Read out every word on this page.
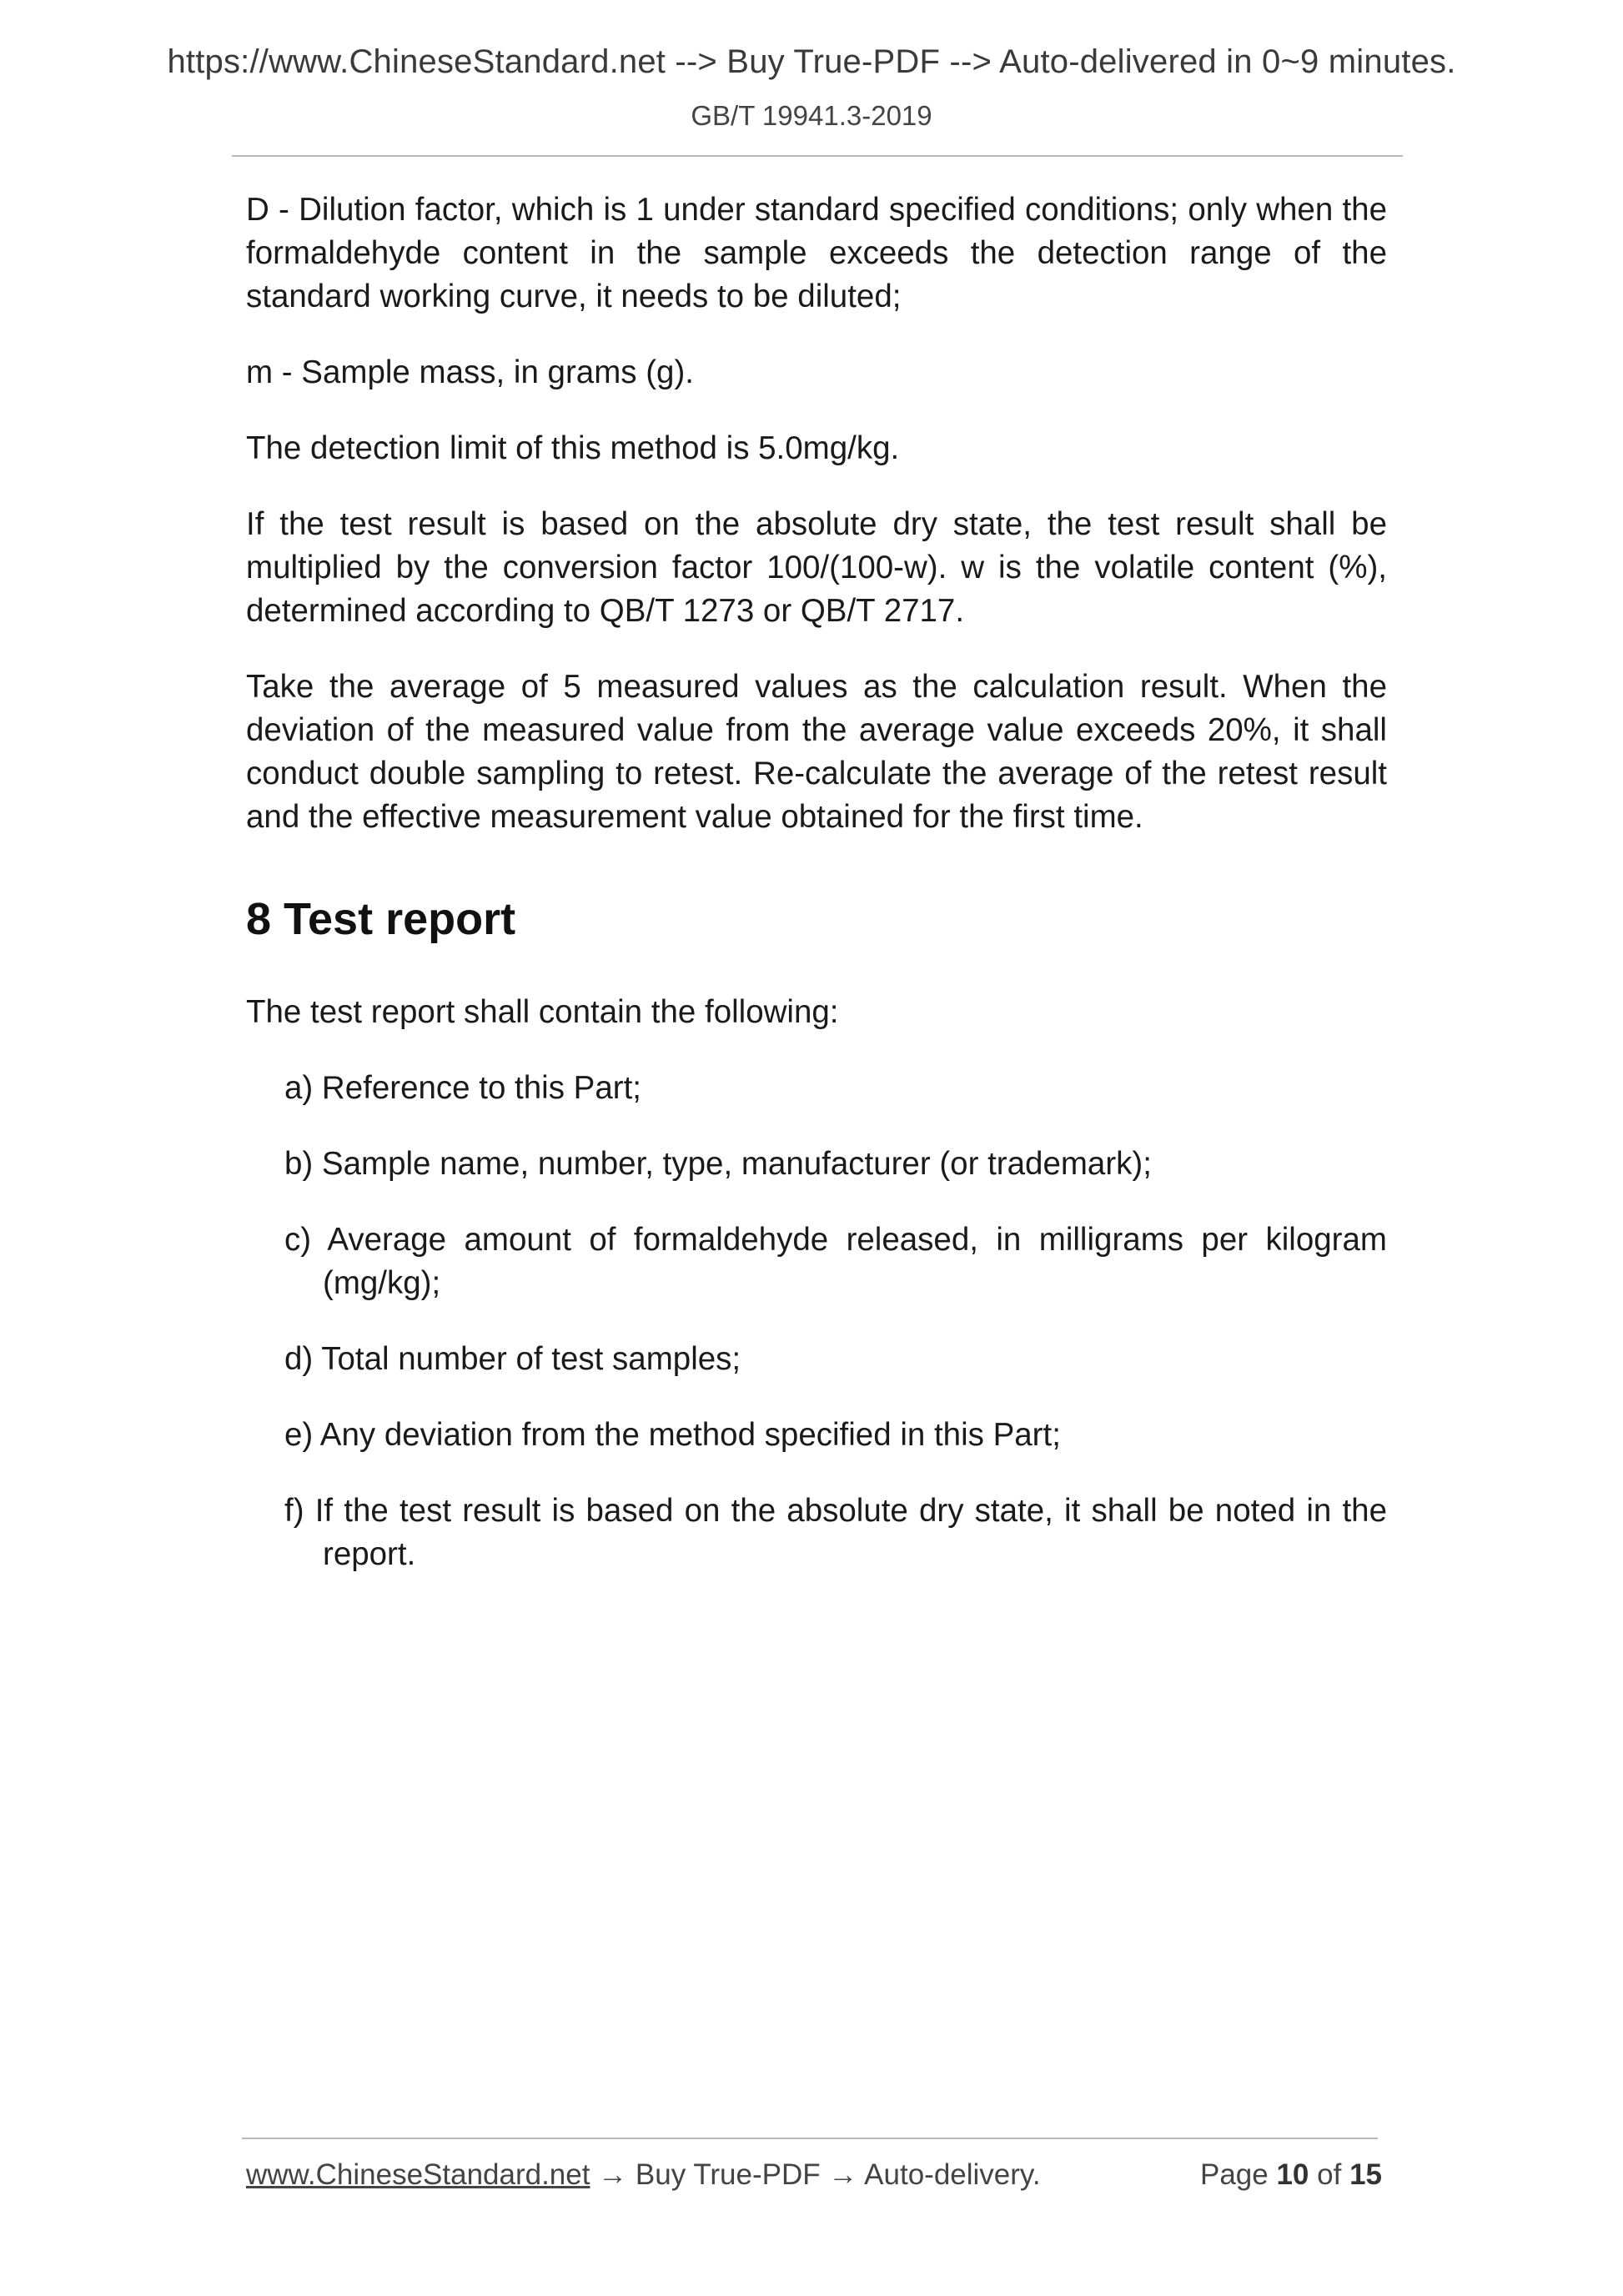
https://www.ChineseStandard.net --> Buy True-PDF --> Auto-delivered in 0~9 minutes.
GB/T 19941.3-2019

D - Dilution factor, which is 1 under standard specified conditions; only when the formaldehyde content in the sample exceeds the detection range of the standard working curve, it needs to be diluted;

m - Sample mass, in grams (g).

The detection limit of this method is 5.0mg/kg.

If the test result is based on the absolute dry state, the test result shall be multiplied by the conversion factor 100/(100-w). w is the volatile content (%), determined according to QB/T 1273 or QB/T 2717.

Take the average of 5 measured values as the calculation result. When the deviation of the measured value from the average value exceeds 20%, it shall conduct double sampling to retest. Re-calculate the average of the retest result and the effective measurement value obtained for the first time.

8 Test report

The test report shall contain the following:

a) Reference to this Part;
b) Sample name, number, type, manufacturer (or trademark);
c) Average amount of formaldehyde released, in milligrams per kilogram (mg/kg);
d) Total number of test samples;
e) Any deviation from the method specified in this Part;
f) If the test result is based on the absolute dry state, it shall be noted in the report.
www.ChineseStandard.net → Buy True-PDF → Auto-delivery.	Page 10 of 15
